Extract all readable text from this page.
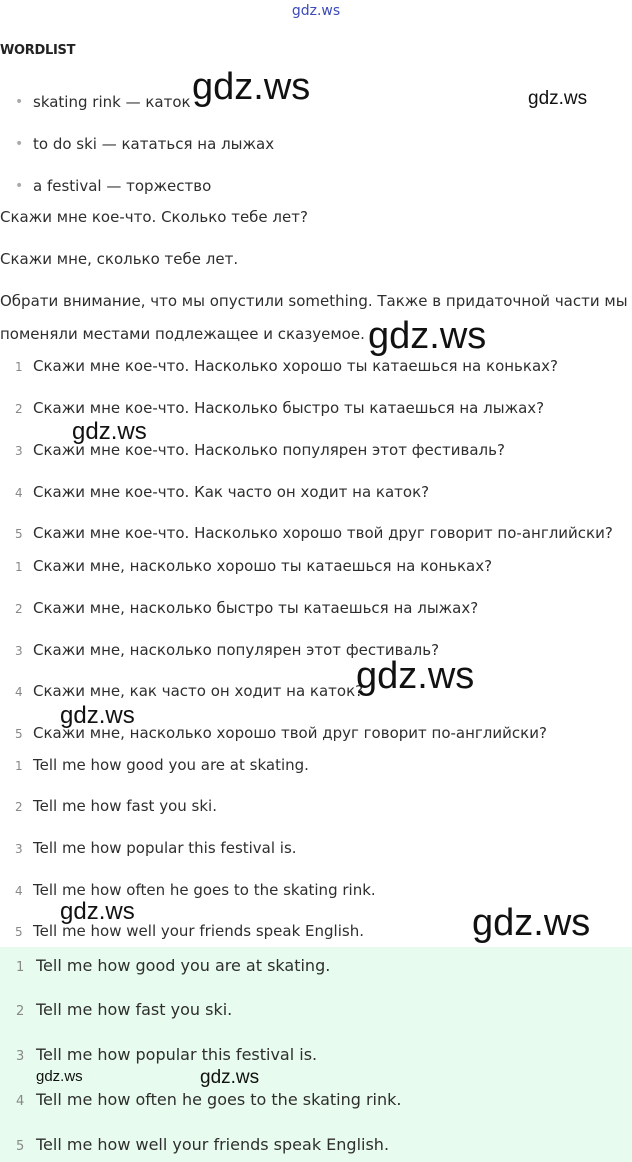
gdz.ws
WORDLIST
• skating rink — каток
• to do ski — кататься на лыжах
• a festival — торжество
Скажи мне кое-что. Сколько тебе лет?
Скажи мне, сколько тебе лет.
Обрати внимание, что мы опустили something. Также в придаточной части мы
поменяли местами подлежащее и сказуемое.
1 Скажи мне кое-что. Насколько хорошо ты катаешься на коньках?
2 Скажи мне кое-что. Насколько быстро ты катаешься на лыжах?
3 Скажи мне кое-что. Насколько популярен этот фестиваль?
4 Скажи мне кое-что. Как часто он ходит на каток?
5 Скажи мне кое-что. Насколько хорошо твой друг говорит по-английски?
1 Скажи мне, насколько хорошо ты катаешься на коньках?
2 Скажи мне, насколько быстро ты катаешься на лыжах?
3 Скажи мне, насколько популярен этот фестиваль?
4 Скажи мне, как часто он ходит на каток?
5 Скажи мне, насколько хорошо твой друг говорит по-английски?
1 Tell me how good you are at skating.
2 Tell me how fast you ski.
3 Tell me how popular this festival is.
4 Tell me how often he goes to the skating rink.
5 Tell me how well your friends speak English.
1 Tell me how good you are at skating.
2 Tell me how fast you ski.
3 Tell me how popular this festival is.
4 Tell me how often he goes to the skating rink.
5 Tell me how well your friends speak English.
gdz.ws	gdz.ws
gdz.ws
gdz.ws
gdz.ws
gdz.ws
gdz.ws	gdz.ws
gdz.ws	gdz.ws
